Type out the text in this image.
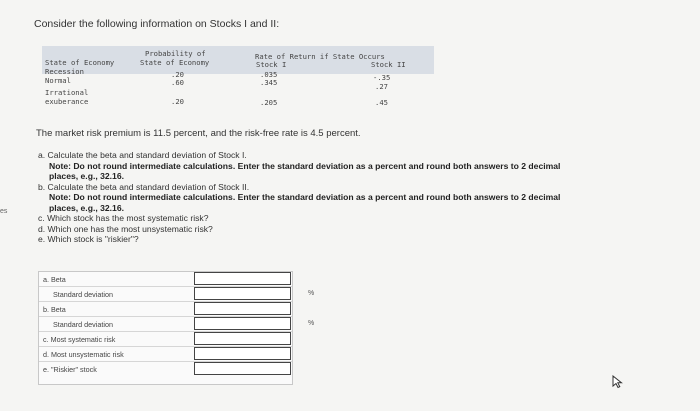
es
Consider the following information on Stocks I and II:
State of Economy
Probability of
State of Economy
Rate of Return if State Occurs
Stock I	Stock II
Recession	.20	.035	-.35
Normal	.60	.345	.27
Irrational
exuberance	.20	.205	.45
The market risk premium is 11.5 percent, and the risk-free rate is 4.5 percent.
a. Calculate the beta and standard deviation of Stock I.
Note: Do not round intermediate calculations. Enter the standard deviation as a percent and round both answers to 2 decimal
places, e.g., 32.16.
b. Calculate the beta and standard deviation of Stock II.
Note: Do not round intermediate calculations. Enter the standard deviation as a percent and round both answers to 2 decimal
places, e.g., 32.16.
c. Which stock has the most systematic risk?
d. Which one has the most unsystematic risk?
e. Which stock is "riskier"?
a. Beta
Standard deviation	%
b. Beta
Standard deviation	%
c. Most systematic risk
d. Most unsystematic risk
e. "Riskier" stock
